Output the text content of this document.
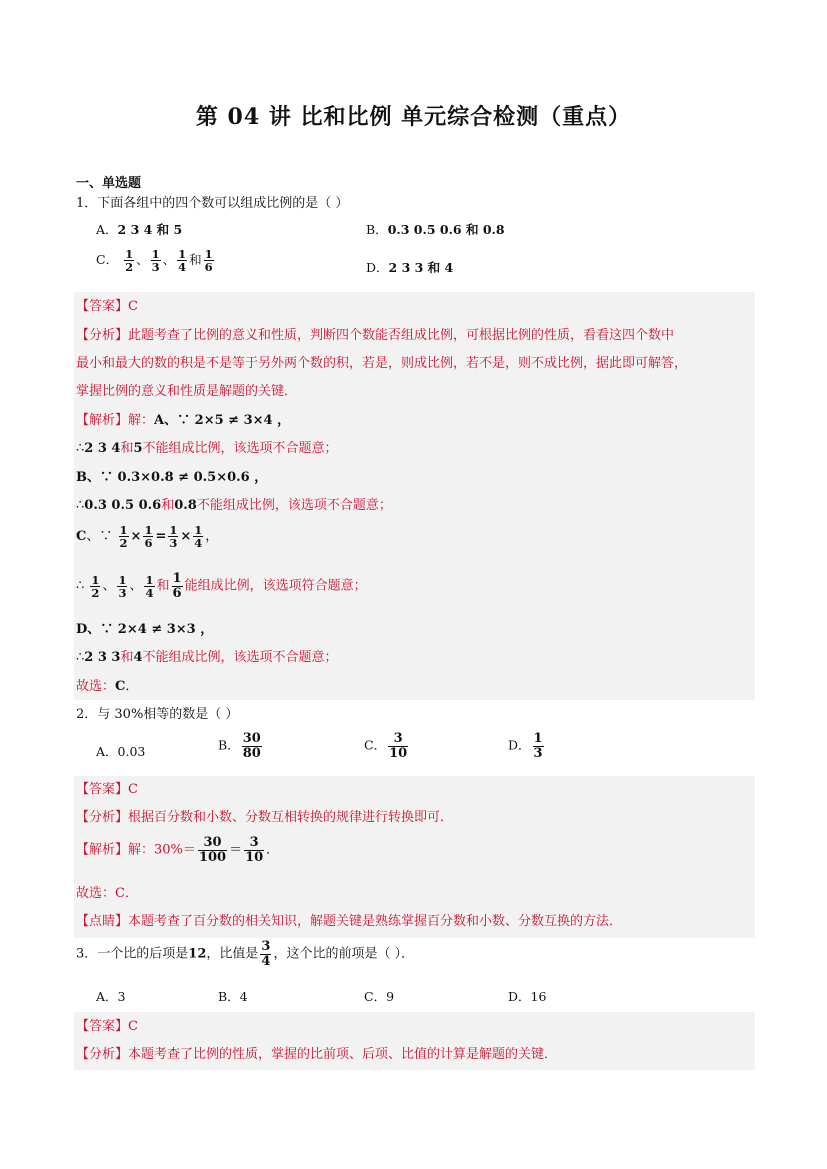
第 04 讲 比和比例 单元综合检测（重点）
一、单选题
1．下面各组中的四个数可以组成比例的是（ ）
A．2 3 4 和 5	B．0.3 0.5 0.6 和 0.8
C． $\frac{1}{2}$ 、 $\frac{1}{3}$ 、 $\frac{1}{4}$ 和 $\frac{1}{6}$	D．2 3 3 和 4
【答案】C
【分析】此题考查了比例的意义和性质，判断四个数能否组成比例，可根据比例的性质，看看这四个数中
最小和最大的数的积是不是等于另外两个数的积，若是，则成比例，若不是，则不成比例，据此即可解答，
掌握比例的意义和性质是解题的关键．
【解析】解：A、∵ 2×5 ≠ 3×4 ，
∴2 3 4和5不能组成比例，该选项不合题意；
B、∵ 0.3×0.8 ≠ 0.5×0.6 ，
∴0.3 0.5 0.6和0.8不能组成比例，该选项不合题意；
C、∵ $\frac{1}{2} \times \frac{1}{6} = \frac{1}{3} \times \frac{1}{4}$ ，
∴ $\frac{1}{2}$ 、 $\frac{1}{3}$ 、 $\frac{1}{4}$ 和 $\frac{1}{6}$ 能组成比例，该选项符合题意；
D、∵ 2×4 ≠ 3×3 ，
∴2 3 3和4不能组成比例，该选项不合题意；
故选：C．
2．与 30%相等的数是（ ）
A．0.03	B． $\frac{30}{80}$	C． $\frac{3}{10}$	D． $\frac{1}{3}$
【答案】C
【分析】根据百分数和小数、分数互相转换的规律进行转换即可．
【解析】解：$30\%= \frac{30}{100} = \frac{3}{10}$ ．
故选：C．
【点睛】本题考查了百分数的相关知识，解题关键是熟练掌握百分数和小数、分数互换的方法．
3．一个比的后项是12，比值是 $\frac{3}{4}$ ，这个比的前项是（ ）．
A．3	B．4	C．9	D．16
【答案】C
【分析】本题考查了比例的性质，掌握的比前项、后项、比值的计算是解题的关键．
